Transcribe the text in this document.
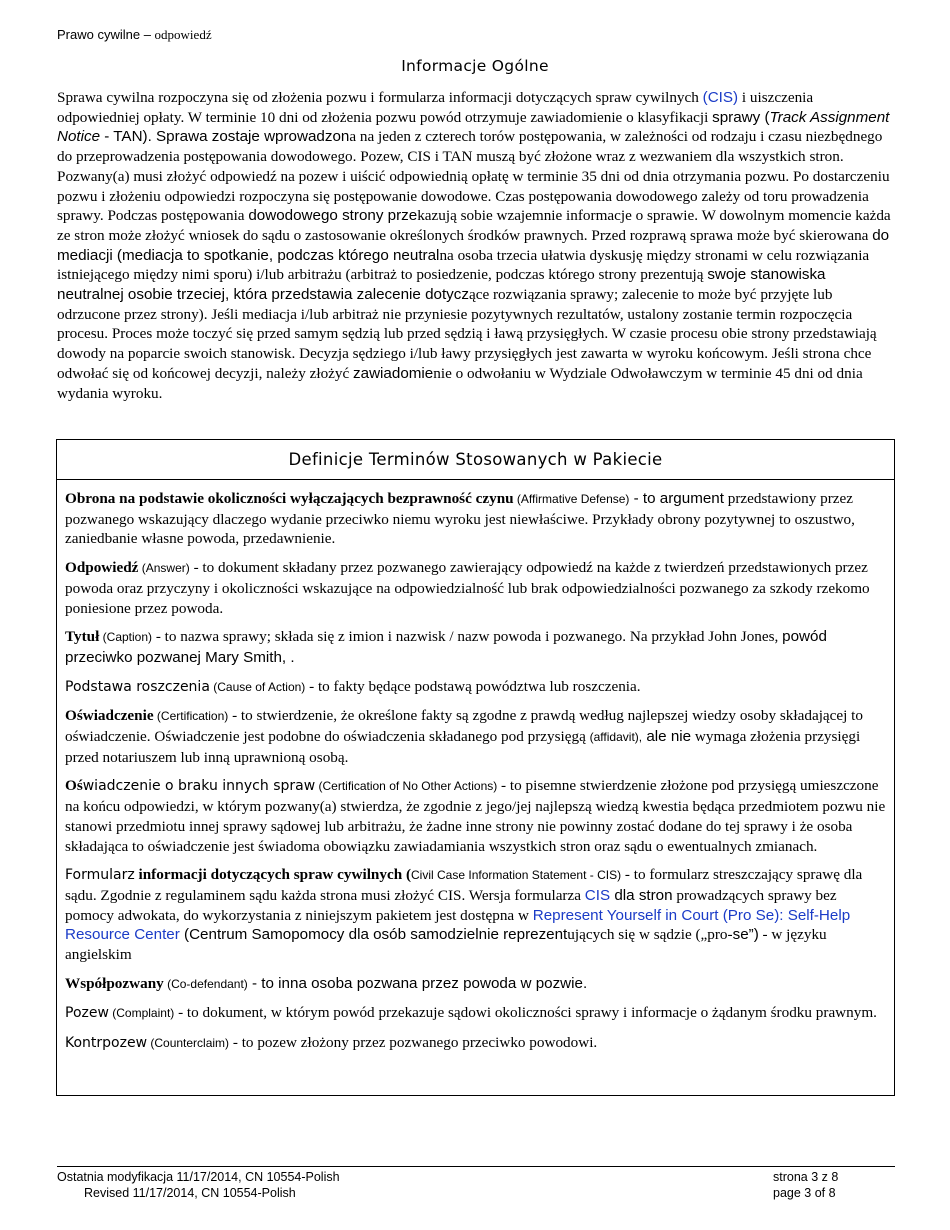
Prawo cywilne – odpowiedź
Informacje Ogólne
Sprawa cywilna rozpoczyna się od złożenia pozwu i formularza informacji dotyczących spraw cywilnych (CIS) i uiszczenia odpowiedniej opłaty. W terminie 10 dni od złożenia pozwu powód otrzymuje zawiadomienie o klasyfikacji sprawy (Track Assignment Notice - TAN). Sprawa zostaje wprowadzona na jeden z czterech torów postępowania, w zależności od rodzaju i czasu niezbędnego do przeprowadzenia postępowania dowodowego. Pozew, CIS i TAN muszą być złożone wraz z wezwaniem dla wszystkich stron. Pozwany(a) musi złożyć odpowiedź na pozew i uiścić odpowiednią opłatę w terminie 35 dni od dnia otrzymania pozwu. Po dostarczeniu pozwu i złożeniu odpowiedzi rozpoczyna się postępowanie dowodowe. Czas postępowania dowodowego zależy od toru prowadzenia sprawy. Podczas postępowania dowodowego strony przekazują sobie wzajemnie informacje o sprawie. W dowolnym momencie każda ze stron może złożyć wniosek do sądu o zastosowanie określonych środków prawnych. Przed rozprawą sprawa może być skierowana do mediacji (mediacja to spotkanie, podczas którego neutralna osoba trzecia ułatwia dyskusję między stronami w celu rozwiązania istniejącego między nimi sporu) i/lub arbitrażu (arbitraż to posiedzenie, podczas którego strony prezentują swoje stanowiska neutralnej osobie trzeciej, która przedstawia zalecenie dotyczące rozwiązania sprawy; zalecenie to może być przyjęte lub odrzucone przez strony). Jeśli mediacja i/lub arbitraż nie przyniesie pozytywnych rezultatów, ustalony zostanie termin rozpoczęcia procesu. Proces może toczyć się przed samym sędzią lub przed sędzią i ławą przysięgłych. W czasie procesu obie strony przedstawiają dowody na poparcie swoich stanowisk. Decyzja sędziego i/lub ławy przysięgłych jest zawarta w wyroku końcowym. Jeśli strona chce odwołać się od końcowej decyzji, należy złożyć zawiadomienie o odwołaniu w Wydziale Odwoławczym w terminie 45 dni od dnia wydania wyroku.
Definicje Terminów Stosowanych w Pakiecie

Obrona na podstawie okoliczności wyłączających bezprawność czynu (Affirmative Defense) - to argument przedstawiony przez pozwanego wskazujący dlaczego wydanie przeciwko niemu wyroku jest niewłaściwe. Przykłady obrony pozytywnej to oszustwo, zaniedbanie własne powoda, przedawnienie.

Odpowiedź (Answer) - to dokument składany przez pozwanego zawierający odpowiedź na każde z twierdzeń przedstawionych przez powoda oraz przyczyny i okoliczności wskazujące na odpowiedzialność lub brak odpowiedzialności pozwanego za szkody rzekomo poniesione przez powoda.

Tytuł (Caption) - to nazwa sprawy; składa się z imion i nazwisk / nazw powoda i pozwanego. Na przykład John Jones, powód przeciwko pozwanej Mary Smith, .

Podstawa roszczenia (Cause of Action) - to fakty będące podstawą powództwa lub roszczenia.

Oświadczenie (Certification) - to stwierdzenie, że określone fakty są zgodne z prawdą według najlepszej wiedzy osoby składającej to oświadczenie. Oświadczenie jest podobne do oświadczenia składanego pod przysięgą (affidavit), ale nie wymaga złożenia przysięgi przed notariuszem lub inną uprawnioną osobą.

Oświadczenie o braku innych spraw (Certification of No Other Actions) - to pisemne stwierdzenie złożone pod przysięgą umieszczone na końcu odpowiedzi, w którym pozwany(a) stwierdza, że zgodnie z jego/jej najlepszą wiedzą kwestia będąca przedmiotem pozwu nie stanowi przedmiotu innej sprawy sądowej lub arbitrażu, że żadne inne strony nie powinny zostać dodane do tej sprawy i że osoba składająca to oświadczenie jest świadoma obowiązku zawiadamiania wszystkich stron oraz sądu o ewentualnych zmianach.

Formularz informacji dotyczących spraw cywilnych (Civil Case Information Statement - CIS) - to formularz streszczający sprawę dla sądu. Zgodnie z regulaminem sądu każda strona musi złożyć CIS. Wersja formularza CIS dla stron prowadzących sprawy bez pomocy adwokata, do wykorzystania z niniejszym pakietem jest dostępna w Represent Yourself in Court (Pro Se): Self-Help Resource Center (Centrum Samopomocy dla osób samodzielnie reprezentujących się w sądzie („pro-se”) - w języku angielskim

Współpozwany (Co-defendant) - to inna osoba pozwana przez powoda w pozwie.

Pozew (Complaint) - to dokument, w którym powód przekazuje sądowi okoliczności sprawy i informacje o żądanym środku prawnym.

Kontrpozew (Counterclaim) - to pozew złożony przez pozwanego przeciwko powodowi.

Ostatnia modyfikacja 11/17/2014, CN 10554-Polish
Revised 11/17/2014, CN 10554-Polish
strona 3 z 8
page 3 of 8
